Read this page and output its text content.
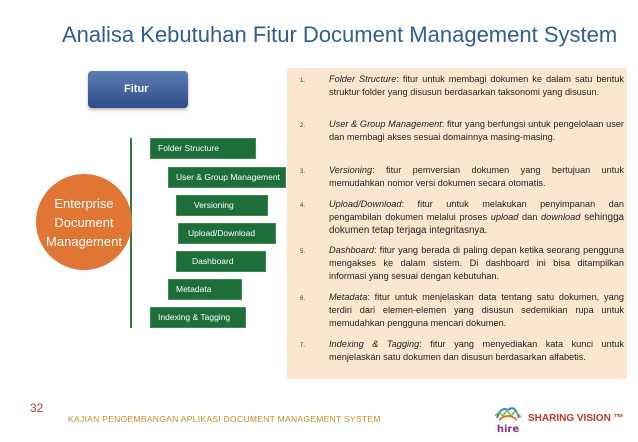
Analisa Kebutuhan Fitur Document Management System
Fitur
Folder Structure
User & Group Management
Versioning
Upload/Download
Dashboard
Metadata
Indexing & Tagging
Enterprise
Document
Management
1.	Folder Structure: fitur untuk membagi dokumen ke dalam satu bentuk struktur folder yang disusun berdasarkan taksonomi yang disusun.
2.	User & Group Management: fitur yang berfungsi untuk pengelolaan user dan membagi akses sesuai domainnya masing-masing.
3.	Versioning: fitur pemversian dokumen yang bertujuan untuk memudahkan nomor versi dokumen secara otomatis.
4.	Upload/Download: fitur untuk melakukan penyimpanan dan pengambilan dokumen melalui proses upload dan download sehingga dokumen tetap terjaga integritasnya.
5.	Dashboard: fitur yang berada di paling depan ketika seorang pengguna mengakses ke dalam sistem. Di dashboard ini bisa ditampilkan informasi yang sesuai dengan kebutuhan.
6.	Metadata: fitur untuk menjelaskan data tentang satu dokumen, yang terdiri dari elemen-elemen yang disusun sedemikian rupa untuk memudahkan pengguna mencari dokumen.
7.	Indexing & Tagging: fitur yang menyediakan kata kunci untuk menjelaskan satu dokumen dan disusun berdasarkan alfabetis.
32
KAJIAN PENGEMBANGAN APLIKASI DOCUMENT MANAGEMENT SYSTEM
hire
SHARING VISION ™
